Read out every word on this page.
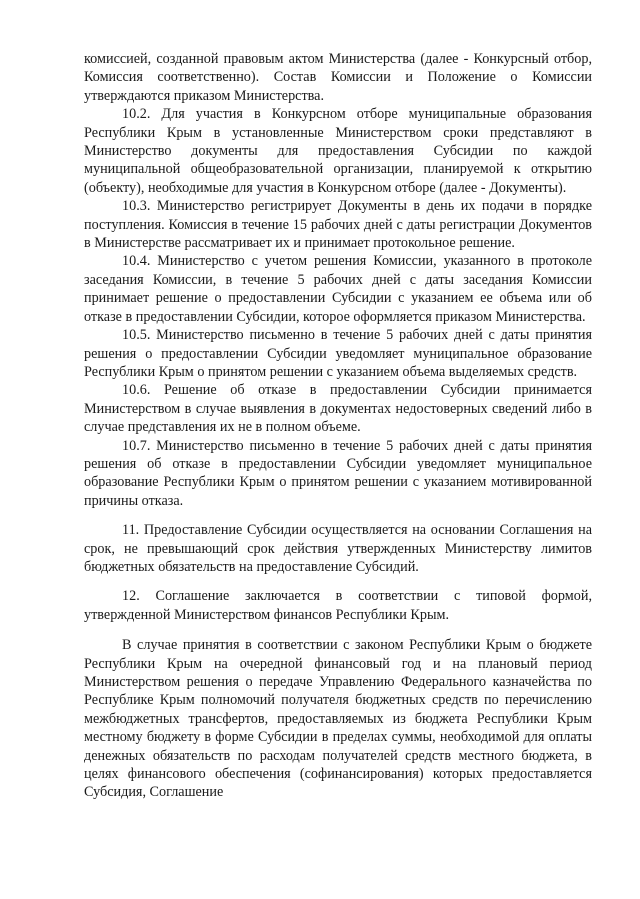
комиссией, созданной правовым актом Министерства (далее - Конкурсный отбор, Комиссия соответственно). Состав Комиссии и Положение о Комиссии утверждаются приказом Министерства.

10.2. Для участия в Конкурсном отборе муниципальные образования Республики Крым в установленные Министерством сроки представляют в Министерство документы для предоставления Субсидии по каждой муниципальной общеобразовательной организации, планируемой к открытию (объекту), необходимые для участия в Конкурсном отборе (далее - Документы).

10.3. Министерство регистрирует Документы в день их подачи в порядке поступления. Комиссия в течение 15 рабочих дней с даты регистрации Документов в Министерстве рассматривает их и принимает протокольное решение.

10.4. Министерство с учетом решения Комиссии, указанного в протоколе заседания Комиссии, в течение 5 рабочих дней с даты заседания Комиссии принимает решение о предоставлении Субсидии с указанием ее объема или об отказе в предоставлении Субсидии, которое оформляется приказом Министерства.

10.5. Министерство письменно в течение 5 рабочих дней с даты принятия решения о предоставлении Субсидии уведомляет муниципальное образование Республики Крым о принятом решении с указанием объема выделяемых средств.

10.6. Решение об отказе в предоставлении Субсидии принимается Министерством в случае выявления в документах недостоверных сведений либо в случае представления их не в полном объеме.

10.7. Министерство письменно в течение 5 рабочих дней с даты принятия решения об отказе в предоставлении Субсидии уведомляет муниципальное образование Республики Крым о принятом решении с указанием мотивированной причины отказа.

11. Предоставление Субсидии осуществляется на основании Соглашения на срок, не превышающий срок действия утвержденных Министерству лимитов бюджетных обязательств на предоставление Субсидий.

12. Соглашение заключается в соответствии с типовой формой, утвержденной Министерством финансов Республики Крым.

В случае принятия в соответствии с законом Республики Крым о бюджете Республики Крым на очередной финансовый год и на плановый период Министерством решения о передаче Управлению Федерального казначейства по Республике Крым полномочий получателя бюджетных средств по перечислению межбюджетных трансфертов, предоставляемых из бюджета Республики Крым местному бюджету в форме Субсидии в пределах суммы, необходимой для оплаты денежных обязательств по расходам получателей средств местного бюджета, в целях финансового обеспечения (софинансирования) которых предоставляется Субсидия, Соглашение
